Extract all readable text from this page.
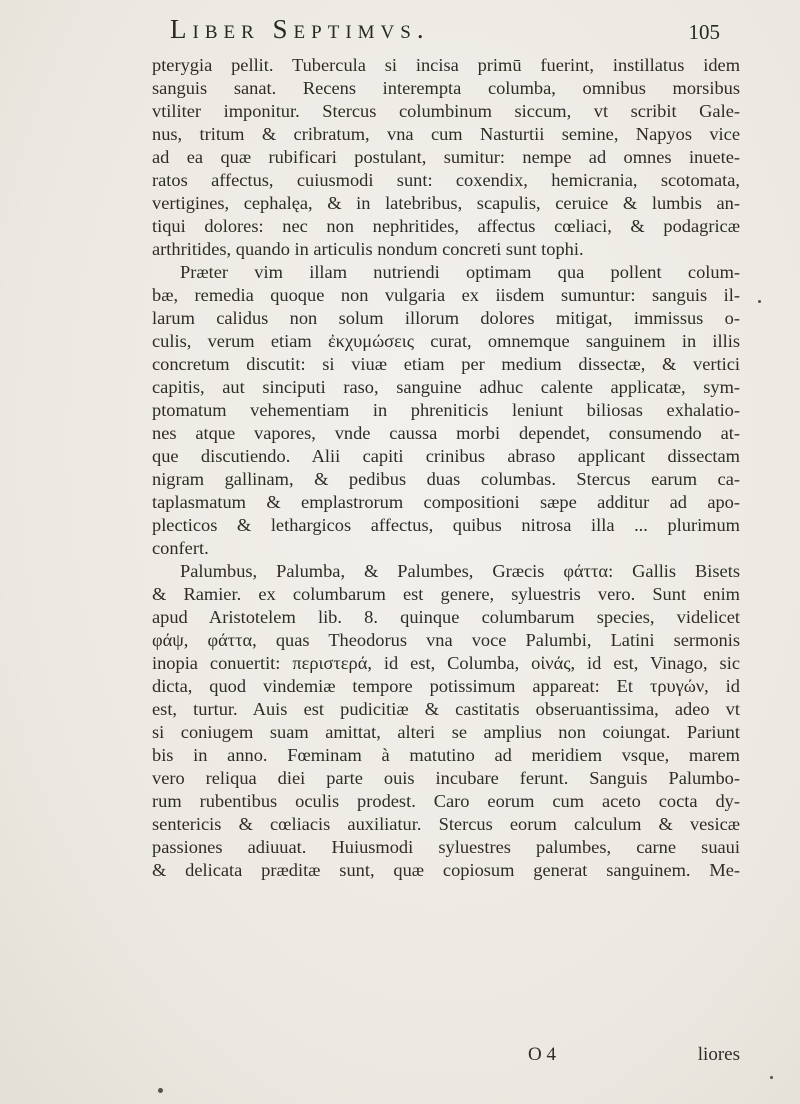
Liber Septimvs.	105
pterygia pellit. Tubercula si incisa primū fuerint, instillatus idem
sanguis sanat. Recens interempta columba, omnibus morsibus
vtiliter imponitur. Stercus columbinum siccum, vt scribit Gale-
nus, tritum & cribratum, vna cum Nasturtii semine, Napyos vice
ad ea quæ rubificari postulant, sumitur: nempe ad omnes inuete-
ratos affectus, cuiusmodi sunt: coxendix, hemicrania, scotomata,
vertigines, cephalęa, & in latebribus, scapulis, ceruice & lumbis an-
tiqui dolores: nec non nephritides, affectus cœliaci, & podagricæ
arthritides, quando in articulis nondum concreti sunt tophi.
Præter vim illam nutriendi optimam qua pollent colum-
bæ, remedia quoque non vulgaria ex iisdem sumuntur: sanguis il-
larum calidus non solum illorum dolores mitigat, immissus o-
culis, verum etiam ἐκχυμώσεις curat, omnemque sanguinem in illis
concretum discutit: si viuæ etiam per medium dissectæ, & vertici
capitis, aut sinciputi raso, sanguine adhuc calente applicatæ, sym-
ptomatum vehementiam in phreniticis leniunt biliosas exhalatio-
nes atque vapores, vnde caussa morbi dependet, consumendo at-
que discutiendo. Alii capiti crinibus abraso applicant dissectam
nigram gallinam, & pedibus duas columbas. Stercus earum ca-
taplasmatum & emplastrorum compositioni sæpe additur ad apo-
plecticos & lethargicos affectus, quibus nitrosa illa ... plurimum
confert.
Palumbus, Palumba, & Palumbes, Græcis φάττα: Gallis Bisets
& Ramier. ex columbarum est genere, syluestris vero. Sunt enim
apud Aristotelem lib. 8. quinque columbarum species, videlicet
φάψ, φάττα, quas Theodorus vna voce Palumbi, Latini sermonis
inopia conuertit: περιστερά, id est, Columba, οἰνάς, id est, Vinago, sic
dicta, quod vindemiæ tempore potissimum appareat: Et τρυγών, id
est, turtur. Auis est pudicitiæ & castitatis obseruantissima, adeo vt
si coniugem suam amittat, alteri se amplius non coiungat. Pariunt
bis in anno. Fœminam à matutino ad meridiem vsque, marem
vero reliqua diei parte ouis incubare ferunt. Sanguis Palumbo-
rum rubentibus oculis prodest. Caro eorum cum aceto cocta dy-
sentericis & cœliacis auxiliatur. Stercus eorum calculum & vesicæ
passiones adiuuat. Huiusmodi syluestres palumbes, carne suaui
& delicata præditæ sunt, quæ copiosum generat sanguinem. Me-
O 4	liores
